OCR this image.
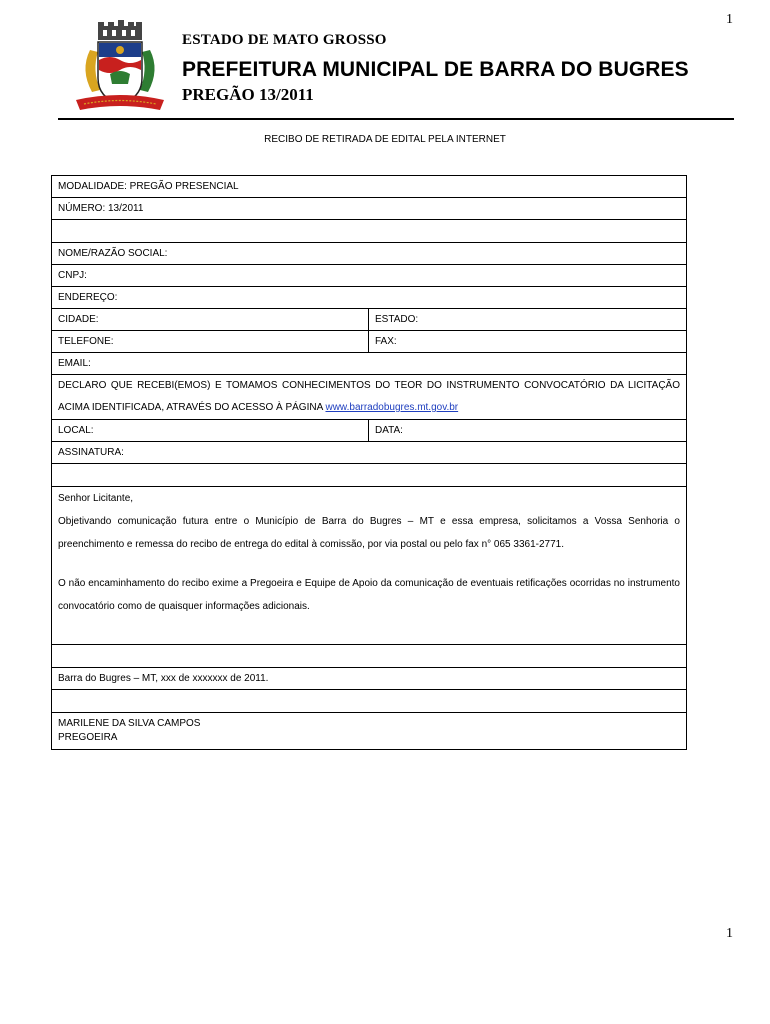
1
ESTADO DE MATO GROSSO
PREFEITURA MUNICIPAL DE BARRA DO BUGRES
PREGÃO 13/2011
RECIBO DE RETIRADA DE EDITAL PELA INTERNET
MODALIDADE: PREGÃO PRESENCIAL
NÚMERO: 13/2011
NOME/RAZÃO SOCIAL:
CNPJ:
ENDEREÇO:
CIDADE:	ESTADO:
TELEFONE:	FAX:
EMAIL:
DECLARO QUE RECEBI(EMOS) E TOMAMOS CONHECIMENTOS DO TEOR DO INSTRUMENTO CONVOCATÓRIO DA LICITAÇÃO ACIMA IDENTIFICADA, ATRAVÉS DO ACESSO À PÁGINA www.barradobugres.mt.gov.br
LOCAL:	DATA:
ASSINATURA:

Senhor Licitante,

Objetivando comunicação futura entre o Município de Barra do Bugres – MT e essa empresa, solicitamos a Vossa Senhoria o preenchimento e remessa do recibo de entrega do edital à comissão, por via postal ou pelo fax n° 065 3361-2771.

O não encaminhamento do recibo exime a Pregoeira e Equipe de Apoio da comunicação de eventuais retificações ocorridas no instrumento convocatório como de quaisquer informações adicionais.

Barra do Bugres – MT, xxx de xxxxxxx de 2011.
MARILENE DA SILVA CAMPOS
PREGOEIRA
1
